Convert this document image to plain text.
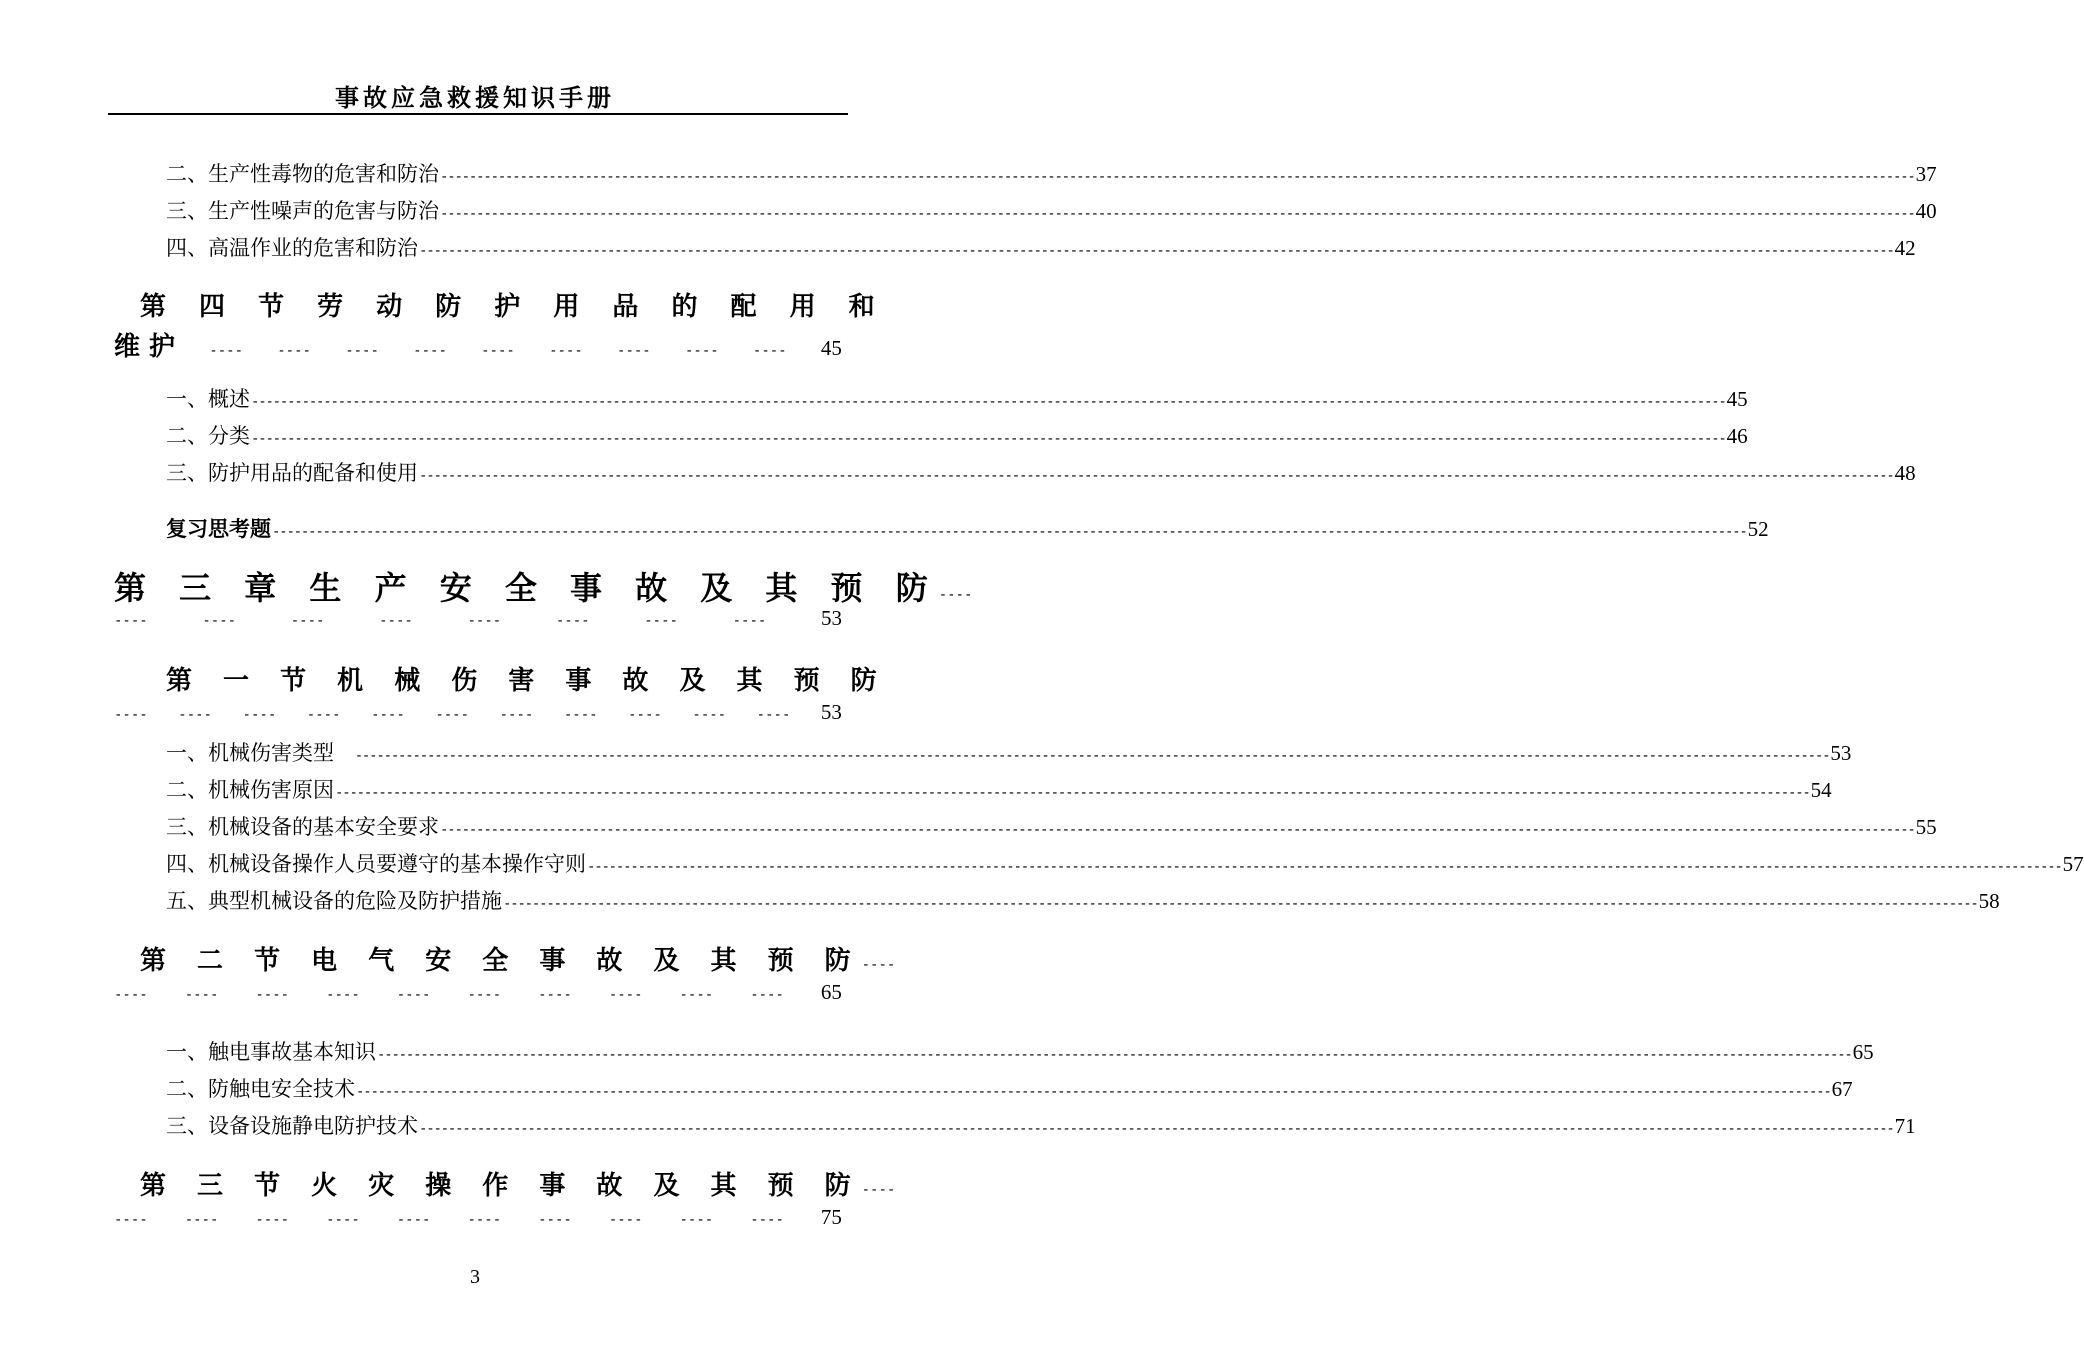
事故应急救援知识手册
二、生产性毒物的危害和防治 -----	37
三、生产性噪声的危害与防治 -----	40
四、高温作业的危害和防治 -----	42
第 四 节 劳 动 防 护 用 品 的 配 用 和
维 护 ---- ---- ---- ---- ---- ---- ---- ---- ---- 45
一、概述 -----	45
二、分类 -----	46
三、防护用品的配备和使用 -----	48
复习思考题 -----	52
第 三 章 生 产 安 全 事 故 及 其 预 防 ----
----	----	----	----	----	----	----	----	53
第 一 节 机 械 伤 害 事 故 及 其 预 防
---- ---- ---- ---- ---- ---- ---- ---- ---- ---- ---- 53
一、机械伤害类型 -----	53
二、机械伤害原因 -----	54
三、机械设备的基本安全要求 -----	55
四、机械设备操作人员要遵守的基本操作守则 -----	57
五、典型机械设备的危险及防护措施 -----	58
第 二 节 电 气 安 全 事 故 及 其 预 防 ----
----	----	----	----	----	----	----	----	----	---- 65
一、触电事故基本知识 -----	65
二、防触电安全技术 -----	67
三、设备设施静电防护技术 -----	71
第 三 节 火 灾 操 作 事 故 及 其 预 防 ----
----	----	----	----	----	----	----	----	----	---- 75
3
